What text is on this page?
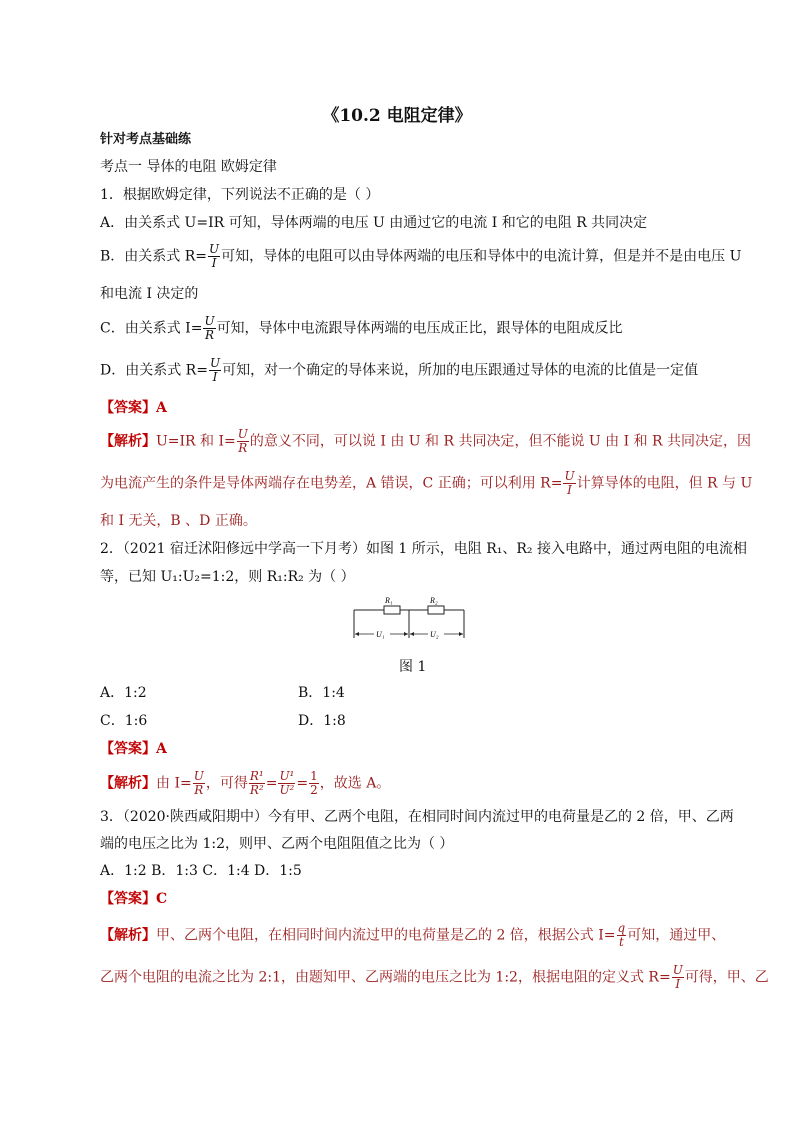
《10.2 电阻定律》
针对考点基础练
考点一 导体的电阻 欧姆定律
1．根据欧姆定律，下列说法不正确的是（ ）
A．由关系式 U=IR 可知，导体两端的电压 U 由通过它的电流 I 和它的电阻 R 共同决定
B．由关系式 $R= \frac{U}{I}$ 可知，导体的电阻可以由导体两端的电压和导体中的电流计算，但是并不是由电压 U
和电流 I 决定的
C．由关系式 $I= \frac{U}{R}$ 可知，导体中电流跟导体两端的电压成正比，跟导体的电阻成反比
D．由关系式 $R= \frac{U}{I}$ 可知，对一个确定的导体来说，所加的电压跟通过导体的电流的比值是一定值
【答案】A
【解析】U=IR 和 $I= \frac{U}{R}$ 的意义不同，可以说 I 由 U 和 R 共同决定，但不能说 U 由 I 和 R 共同决定，因
为电流产生的条件是导体两端存在电势差，A 错误，C 正确；可以利用 $R= \frac{U}{I}$ 计算导体的电阻，但 R 与 U
和 I 无关，B 、D 正确。
2．（2021 宿迁沭阳修远中学高一下月考）如图 1 所示，电阻 R₁、R₂ 接入电路中，通过两电阻的电流相
等，已知 U₁:U₂=1:2，则 R₁:R₂ 为（ ）
R₁	R₂
U₁	U₂
图 1
A．1:2	B．1:4
C．1:6	D．1:8
【答案】A
【解析】由 $I= \frac{U}{R}$ ，可得 $\frac{\text{R¹}}{\text{R²}} = \frac{\text{U¹}}{\text{U²}} = \frac{1}{2}$ ，故选 A。
3．（2020·陕西咸阳期中）今有甲、乙两个电阻，在相同时间内流过甲的电荷量是乙的 2 倍，甲、乙两
端的电压之比为 1:2，则甲、乙两个电阻阻值之比为（ ）
A．1:2 B．1:3 C．1:4 D．1:5
【答案】C
【解析】甲、乙两个电阻，在相同时间内流过甲的电荷量是乙的 2 倍，根据公式 $I= \frac{q}{t}$ 可知，通过甲、
乙两个电阻的电流之比为 2:1，由题知甲、乙两端的电压之比为 1:2，根据电阻的定义式 $R= \frac{U}{I}$ 可得，甲、乙
